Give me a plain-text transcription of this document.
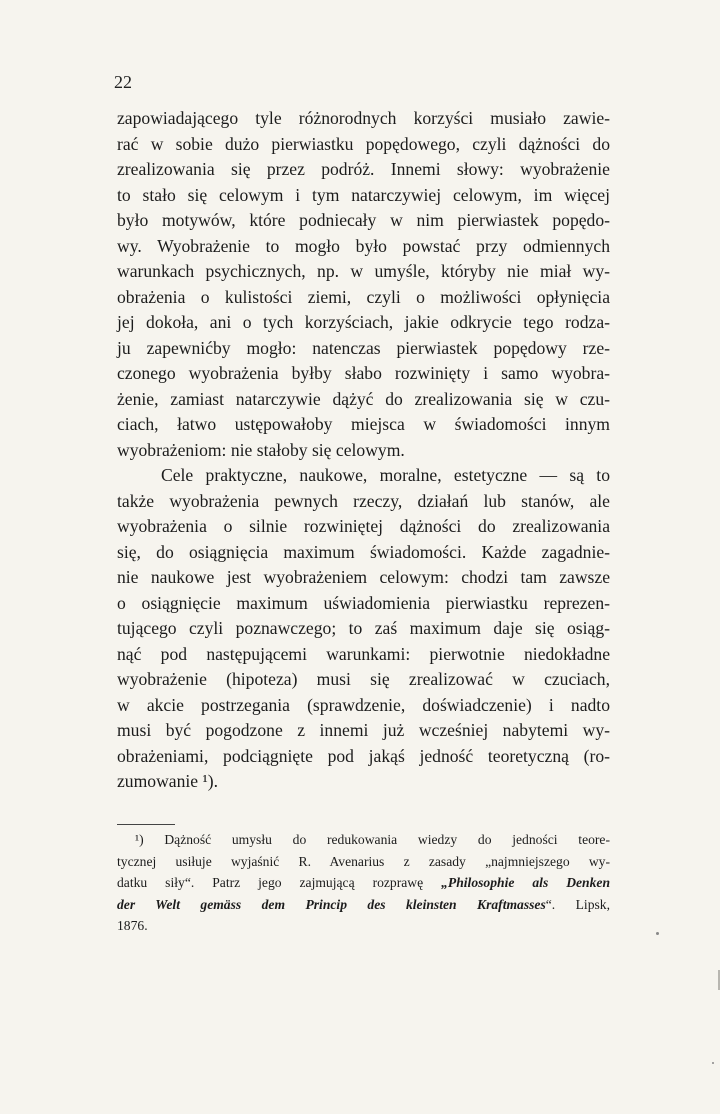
22
zapowiadającego tyle różnorodnych korzyści musiało zawie-
rać w sobie dużo pierwiastku popędowego, czyli dążności do
zrealizowania się przez podróż. Innemi słowy: wyobrażenie
to stało się celowym i tym natarczywiej celowym, im więcej
było motywów, które podniecały w nim pierwiastek popędo-
wy. Wyobrażenie to mogło było powstać przy odmiennych
warunkach psychicznych, np. w umyśle, któryby nie miał wy-
obrażenia o kulistości ziemi, czyli o możliwości opłynięcia
jej dokoła, ani o tych korzyściach, jakie odkrycie tego rodza-
ju zapewnićby mogło: natenczas pierwiastek popędowy rze-
czonego wyobrażenia byłby słabo rozwinięty i samo wyobra-
żenie, zamiast natarczywie dążyć do zrealizowania się w czu-
ciach, łatwo ustępowałoby miejsca w świadomości innym
wyobrażeniom: nie stałoby się celowym.
Cele praktyczne, naukowe, moralne, estetyczne — są to
także wyobrażenia pewnych rzeczy, działań lub stanów, ale
wyobrażenia o silnie rozwiniętej dążności do zrealizowania
się, do osiągnięcia maximum świadomości. Każde zagadnie-
nie naukowe jest wyobrażeniem celowym: chodzi tam zawsze
o osiągnięcie maximum uświadomienia pierwiastku reprezen-
tującego czyli poznawczego; to zaś maximum daje się osiąg-
nąć pod następującemi warunkami: pierwotnie niedokładne
wyobrażenie (hipoteza) musi się zrealizować w czuciach,
w akcie postrzegania (sprawdzenie, doświadczenie) i nadto
musi być pogodzone z innemi już wcześniej nabytemi wy-
obrażeniami, podciągnięte pod jakąś jedność teoretyczną (ro-
zumowanie ¹).
¹) Dążność umysłu do redukowania wiedzy do jedności teore-
tycznej usiłuje wyjaśnić R. Avenarius z zasady „najmniejszego wy-
datku siły“. Patrz jego zajmującą rozprawę „Philosophie als Denken
der Welt gemäss dem Princip des kleinsten Kraftmasses“. Lipsk,
1876.
